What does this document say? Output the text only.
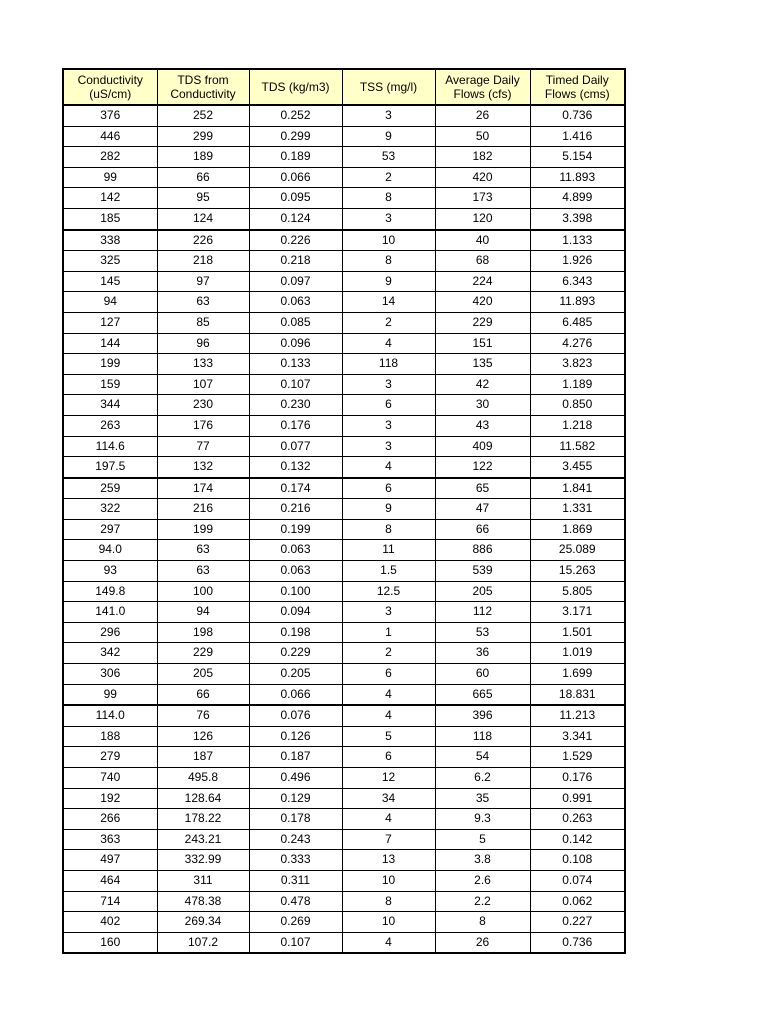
Conductivity (uS/cm)	TDS from Conductivity	TDS (kg/m3)	TSS (mg/l)	Average Daily Flows (cfs)	Timed Daily Flows (cms)
376	252	0.252	3	26	0.736
446	299	0.299	9	50	1.416
282	189	0.189	53	182	5.154
99	66	0.066	2	420	11.893
142	95	0.095	8	173	4.899
185	124	0.124	3	120	3.398
338	226	0.226	10	40	1.133
325	218	0.218	8	68	1.926
145	97	0.097	9	224	6.343
94	63	0.063	14	420	11.893
127	85	0.085	2	229	6.485
144	96	0.096	4	151	4.276
199	133	0.133	118	135	3.823
159	107	0.107	3	42	1.189
344	230	0.230	6	30	0.850
263	176	0.176	3	43	1.218
114.6	77	0.077	3	409	11.582
197.5	132	0.132	4	122	3.455
259	174	0.174	6	65	1.841
322	216	0.216	9	47	1.331
297	199	0.199	8	66	1.869
94.0	63	0.063	11	886	25.089
93	63	0.063	1.5	539	15.263
149.8	100	0.100	12.5	205	5.805
141.0	94	0.094	3	112	3.171
296	198	0.198	1	53	1.501
342	229	0.229	2	36	1.019
306	205	0.205	6	60	1.699
99	66	0.066	4	665	18.831
114.0	76	0.076	4	396	11.213
188	126	0.126	5	118	3.341
279	187	0.187	6	54	1.529
740	495.8	0.496	12	6.2	0.176
192	128.64	0.129	34	35	0.991
266	178.22	0.178	4	9.3	0.263
363	243.21	0.243	7	5	0.142
497	332.99	0.333	13	3.8	0.108
464	311	0.311	10	2.6	0.074
714	478.38	0.478	8	2.2	0.062
402	269.34	0.269	10	8	0.227
160	107.2	0.107	4	26	0.736
